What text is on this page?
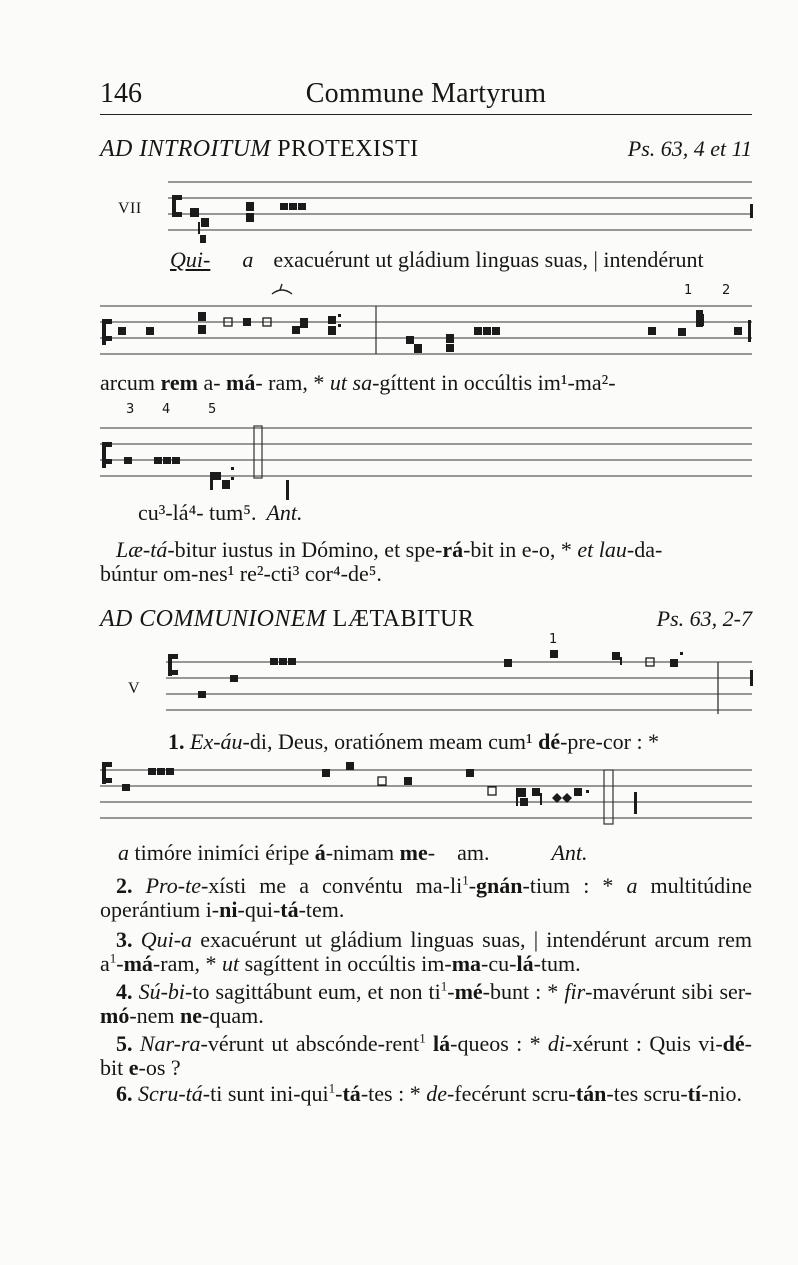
146	Commune Martyrum
AD INTROITUM PROTEXISTI	Ps. 63, 4 et 11
VII
Qui- a exacuérunt ut gládium linguas suas, | intendérunt
1 2
arcum rem a- má- ram, * ut sa-gíttent in occúltis im¹-ma²-
3 4	5
cu³-lá⁴- tum⁵. Ant.
Læ-tá-bitur iustus in Dómino, et spe-rá-bit in e-o, * et lau-da-
búntur om-nes¹ re²-cti³ cor⁴-de⁵.
AD COMMUNIONEM LÆTABITUR	Ps. 63, 2-7
1
V
1. Ex-áu-di, Deus, oratiónem meam cum¹ dé-pre-cor : *
a timóre inimíci éripe á-nimam me-    am.	Ant.
2. Pro-te-xísti me a convéntu $ma-li^1-gnán$-tium : * a multitúdine operántium i-ni-qui-tá-tem.
3. Qui-a exacuérunt ut gládium linguas suas, | intendérunt arcum rem $a^1-má$-ram, * ut sagíttent in occúltis im-ma-cu-lá-tum.
4. Sú-bi-to sagittábunt eum, et non $ti^1-mé$-bunt : * fir-mavérunt sibi ser-mó-nem ne-quam.
5. Nar-ra-vérunt ut abscónde-rent$^1$ lá-queos : * di-xérunt : Quis vi-dé-bit e-os ?
6. Scru-tá-ti sunt ini-qui$^1$-tá-tes : * de-fecérunt scru-tán-tes scru-tí-nio.
